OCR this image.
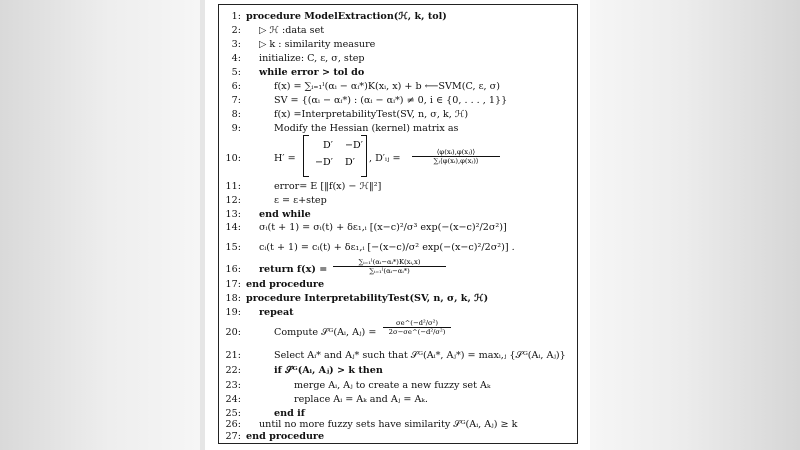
1: procedure ModelExtraction(ℋ, k, tol)
2: ▷ ℋ :data set
3: ▷ k : similarity measure
4: initialize: C, ε, σ, step
5: while error > tol do
6:	f(x) = ∑ᵢ₌₁ˡ(αᵢ − αᵢ*)K(xᵢ, x) + b ⟵SVM(C, ε, σ)
7:	SV = {(αᵢ − αᵢ*) : (αᵢ − αᵢ*) ≠ 0, i ∈ {0, . . . , 1}}
8:	f(x) =InterpretabilityTest(SV, n, σ, k, ℋ)
9:	Modify the Hessian (kernel) matrix as
10:	H′ =
D′ −D′
−D′ D′ , D′ᵢⱼ = $\frac{\text{⟨φ(xᵢ),φ(xⱼ)⟩}}{\text{∑ⱼ⟨φ(xᵢ),φ(xⱼ)⟩}}$
11:	error= E [‖f(x) − ℋ‖²]
12:	ε = ε+step
13: end while
14: σᵢ(t + 1) = σᵢ(t) + δε₁,ᵢ [(x−c)²/σ³ exp(−(x−c)²/2σ²)]
15: cᵢ(t + 1) = cᵢ(t) + δε₁,ᵢ [−(x−c)/σ² exp(−(x−c)²/2σ²)] .
16: return $f(x) = \frac{\text{∑ᵢ₌₁ˡ(αᵢ−αᵢ*)K(xᵢ,x)}}{\text{∑ᵢ₌₁ˡ(αᵢ−αᵢ*)}}$
17: end procedure
18: procedure InterpretabilityTest(SV, n, σ, k, ℋ)
19: repeat
20:	Compute 𝒮ᴳ(Aᵢ, Aⱼ) = $\frac{\text{σe\textasciicircum{}(−d²/σ²)}}{\text{2σ−σe\textasciicircum{}(−d²/σ²)}}$
21:	Select Aᵢ* and Aⱼ* such that 𝒮ᴳ(Aᵢ*, Aⱼ*) = maxᵢ,ⱼ {𝒮ᴳ(Aᵢ, Aⱼ)}
22:	if 𝒮ᴳ(Aᵢ, Aⱼ) > k then
23:	merge Aᵢ, Aⱼ to create a new fuzzy set Aₖ
24:	replace Aᵢ = Aₖ and Aⱼ = Aₖ.
25:	end if
26: until no more fuzzy sets have similarity 𝒮ᴳ(Aᵢ, Aⱼ) ≥ k
27: end procedure
